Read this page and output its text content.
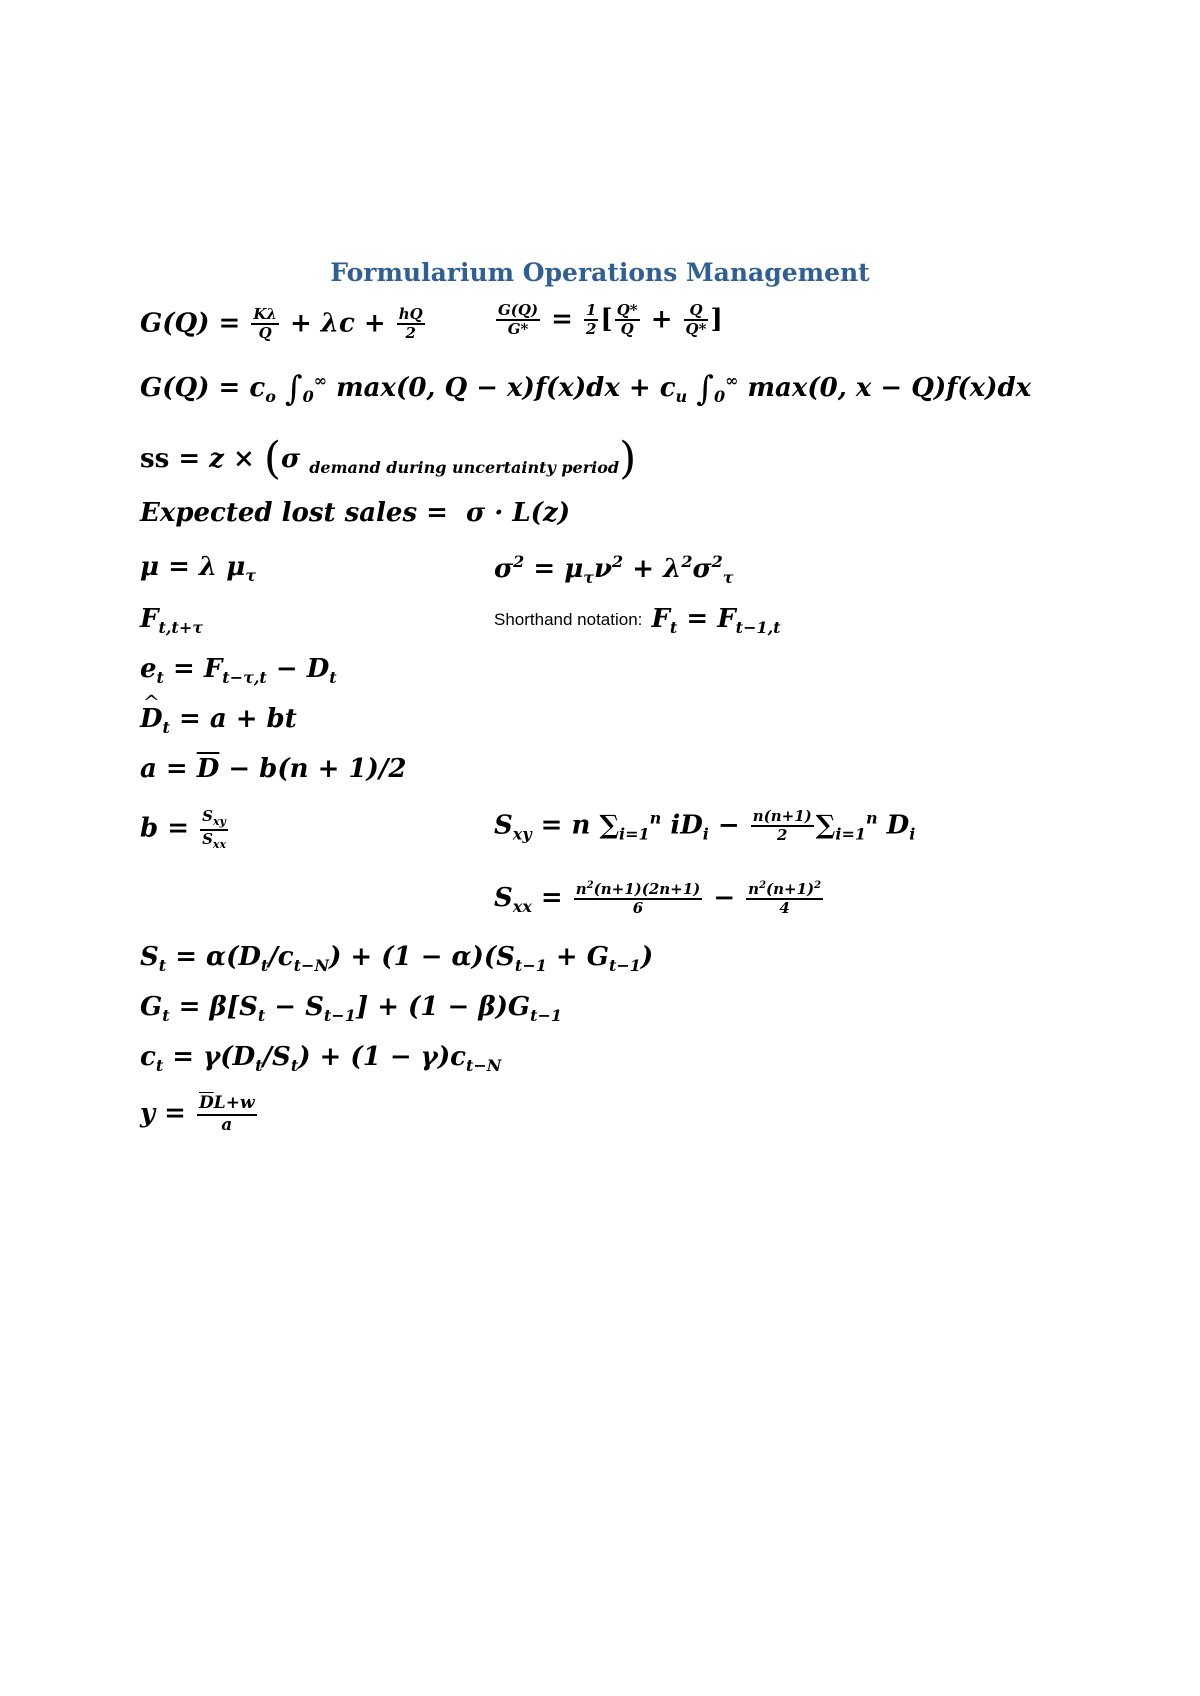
Formularium Operations Management
$G(Q) = \frac{K\lambda}{Q} + \lambda c + \frac{hQ}{2}$	$\frac{G(Q)}{G*} = \frac{1}{2}$ [ $\frac{Q*}{Q} + \frac{Q}{Q*}$ ]
$G(Q) = c_o$ $\int_0^\infty$ max(0, $Q - x)f(x)dx + c_u$ $\int_0^\infty$ max(0, x − Q)f(x)dx
ss = z × (σ $_{demand during uncertainty period}$)
Expected lost sales =  σ · L(z)
μ = λ $\mu_\tau$	$\sigma^2 = \mu_\tau\nu^2 + \lambda^2\sigma^2_\tau$
$F_{t,t+\tau}$	Shorthand notation: $F_t = F_{t-1,t}$
$e_t = F_{t-\tau,t} - D_t$
^ $D_t = a$ + bt
$a = \overline{D} - b(n + 1)/2$
$b = \frac{S_{xy}}{S_{xx}}$	$S_{xy} = n$ $\sum_{i=1}^n$ $iD_i - \frac{n(n+1)}{2} \sum_{i=1}^n$ $D_i$
$S_{xx} = \frac{n^2(n+1)(2n+1)}{6} - \frac{n^2(n+1)^2}{4}$
$S_t = \alpha(D_t/c_{t-N}) + (1 - \alpha)(S_{t-1} + G_{t-1})$
$G_t = \beta[S_t - S_{t-1}] + (1 - \beta)G_{t-1}$
$c_t = \gamma(D_t/S_t) + (1 - \gamma)c_{t-N}$
$y = \frac{\overline{D}L+w}{a}$
